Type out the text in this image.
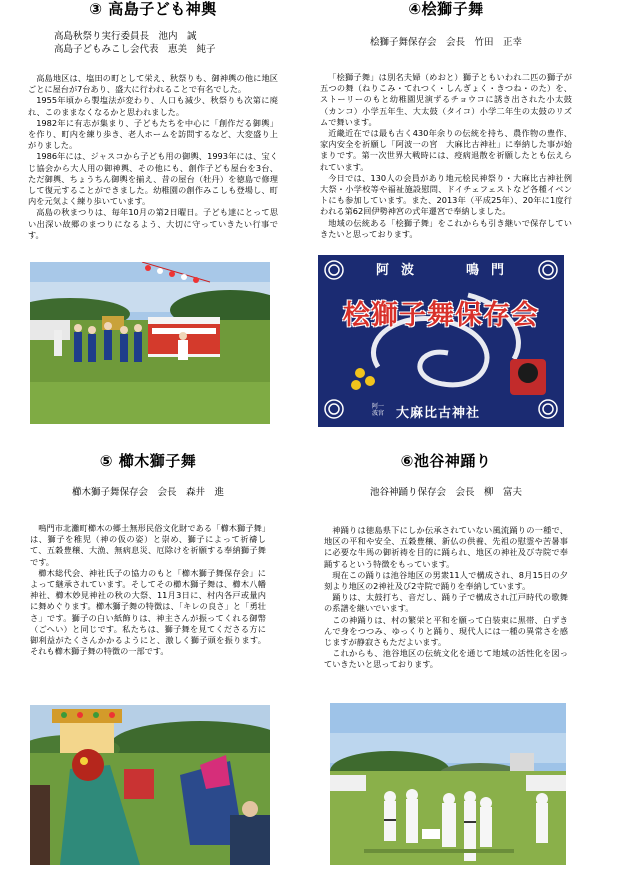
③ 高島子ども神輿
高島秋祭り実行委員長　池内　誠
高島子どもみこし会代表　恵美　純子

高島地区は、塩田の町として栄え、秋祭りも、御神輿の他に地区ごとに屋台が7台あり、盛大に行われることで有名でした。

1955年頃から製塩法が変わり、人口も減少、秋祭りも次第に廃れ、このままなくなるかと思われました。

1982年に有志が集まり、子どもたちを中心に「創作だる御輿」を作り、町内を練り歩き、老人ホームを訪問するなど、大変盛り上がりました。

1986年には、ジャスコから子ども用の御輿、1993年には、宝くじ協会から大人用の御神輿、その他にも、創作子ども屋台を3台、ただ御輿、ちょうちん御輿を揃え、昔の屋台（牡丹）を徳島で修理して復元することができました。幼稚園の創作みこしも登場し、町内を元気よく練り歩いています。

高島の秋まつりは、毎年10月の第2日曜日。子ども達にとって思い出深い故郷のまつりになるよう、大切に守っていきたい行事です。

④桧獅子舞
桧獅子舞保存会　会長　竹田　正幸

「桧獅子舞」は別名夫婦（めおと）獅子ともいわれ二匹の獅子が五つの舞（ねりこみ・てれつく・しんぎょく・きつね・のた）を、ストーリーのもと幼稚園児演ずるチョウコに誘き出された小太鼓（カンコ）小学五年生、大太鼓（タイコ）小学二年生の太鼓のリズムで舞います。

近畿近在では最も古く430年余りの伝統を持ち、農作物の豊作、家内安全を祈願し「阿波一の宮　大麻比古神社」に奉納した事が始まりです。第一次世界大戦時には、疫病退散を祈願したとも伝えられています。

今日では、130人の会員があり地元桧民神祭り・大麻比古神社例大祭・小学校等や福祉施設慰問、ドイチェフェストなど各種イベントにも参加しています。また、2013年（平成25年）、20年に1度行われる第62回伊勢神宮の式年遷宮で奉納しました。

地域の伝統ある「桧獅子舞」をこれからも引き継いで保存していきたいと思っております。

阿波	鳴門
桧獅子舞保存会
阿一波宮 大麻比古神社
⑤ 櫛木獅子舞
櫛木獅子舞保存会　会長　森井　進

鳴門市北灘町櫛木の郷土無形民俗文化財である「櫛木獅子舞」は、獅子を稚児（神の仮の姿）と崇め、獅子によって祈禱して、五穀豊穣、大漁、無病息災、厄除けを祈願する奉納獅子舞です。

櫛木総代会、神社氏子の協力のもと「櫛木獅子舞保存会」によって継承されています。そしてその櫛木獅子舞は、櫛木八幡神社、櫛木妙見神社の秋の大祭、11月3日に、村内各戸或量内に舞めぐります。櫛木獅子舞の特徴は、「キレの良さ」と「勇壮さ」です。獅子の白い紙飾りは、神主さんが振ってくれる御幣（ごへい）と同じです。私たちは、獅子舞を見てくださる方に御利益がたくさんかかるようにと、激しく獅子頭を振ります。それも櫛木獅子舞の特徴の一部です。

⑥池谷神踊り
池谷神踊り保存会　会長　柳　富夫

神踊りは徳島県下にしか伝承されていない風流踊りの一種で、地区の平和や安全、五穀豊穣、新仏の供養、先祖の慰霊や苦暑事に必要な牛馬の御祈祷を目的に踊られ、地区の神社及び寺院で奉踊するという特徴をもっています。

現在この踊りは池谷地区の男衆11人で構成され、8月15日の夕刻より地区の2神社及び2寺院で踊りを奉納しています。

踊りは、太鼓打ち、音だし、踊り子で構成され江戸時代の歌舞の系譜を継いでいます。

この神踊りは、村の繁栄と平和を願って白装束に黒帯、白ずきんで身をつつみ、ゆっくりと踊り、現代人には一種の異常さを感じますが静寂さもただよいます。

これからも、池谷地区の伝統文化を通じて地域の活性化を図っていきたいと思っております。
